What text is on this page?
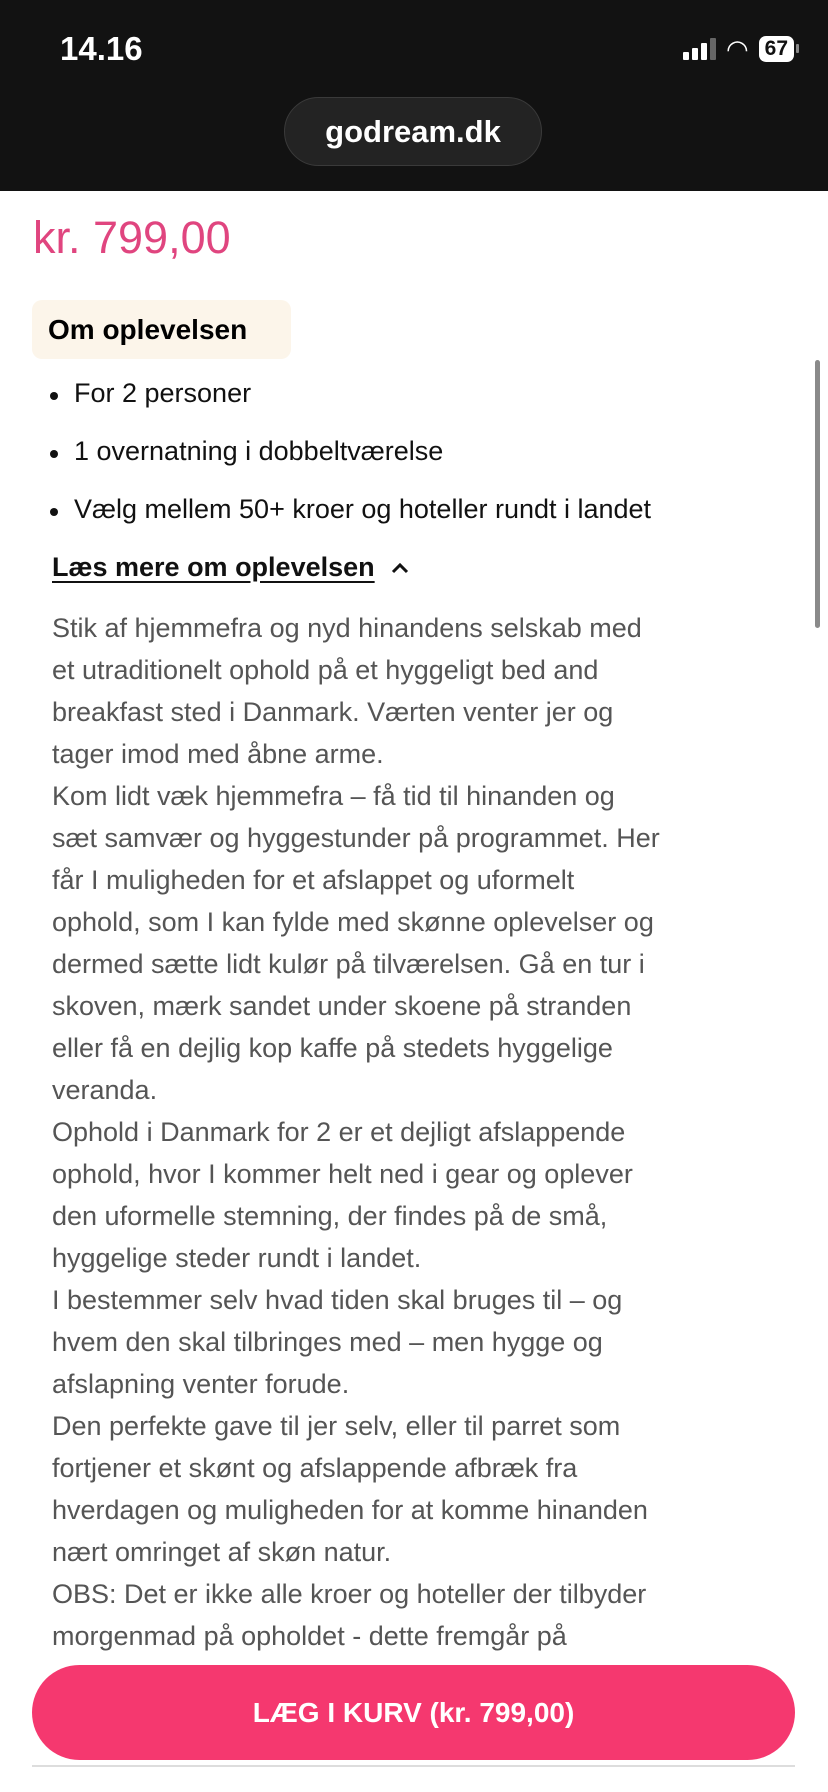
14.16	◠ 67
godream.dk
kr. 799,00
Om oplevelsen
For 2 personer
1 overnatning i dobbeltværelse
Vælg mellem 50+ kroer og hoteller rundt i landet
Læs mere om oplevelsen
Stik af hjemmefra og nyd hinandens selskab med
et utraditionelt ophold på et hyggeligt bed and
breakfast sted i Danmark. Værten venter jer og
tager imod med åbne arme.
Kom lidt væk hjemmefra – få tid til hinanden og
sæt samvær og hyggestunder på programmet. Her
får I muligheden for et afslappet og uformelt
ophold, som I kan fylde med skønne oplevelser og
dermed sætte lidt kulør på tilværelsen. Gå en tur i
skoven, mærk sandet under skoene på stranden
eller få en dejlig kop kaffe på stedets hyggelige
veranda.
Ophold i Danmark for 2 er et dejligt afslappende
ophold, hvor I kommer helt ned i gear og oplever
den uformelle stemning, der findes på de små,
hyggelige steder rundt i landet.
I bestemmer selv hvad tiden skal bruges til – og
hvem den skal tilbringes med – men hygge og
afslapning venter forude.
Den perfekte gave til jer selv, eller til parret som
fortjener et skønt og afslappende afbræk fra
hverdagen og muligheden for at komme hinanden
nært omringet af skøn natur.
OBS: Det er ikke alle kroer og hoteller der tilbyder
morgenmad på opholdet - dette fremgår på
LÆG I KURV (kr. 799,00)
